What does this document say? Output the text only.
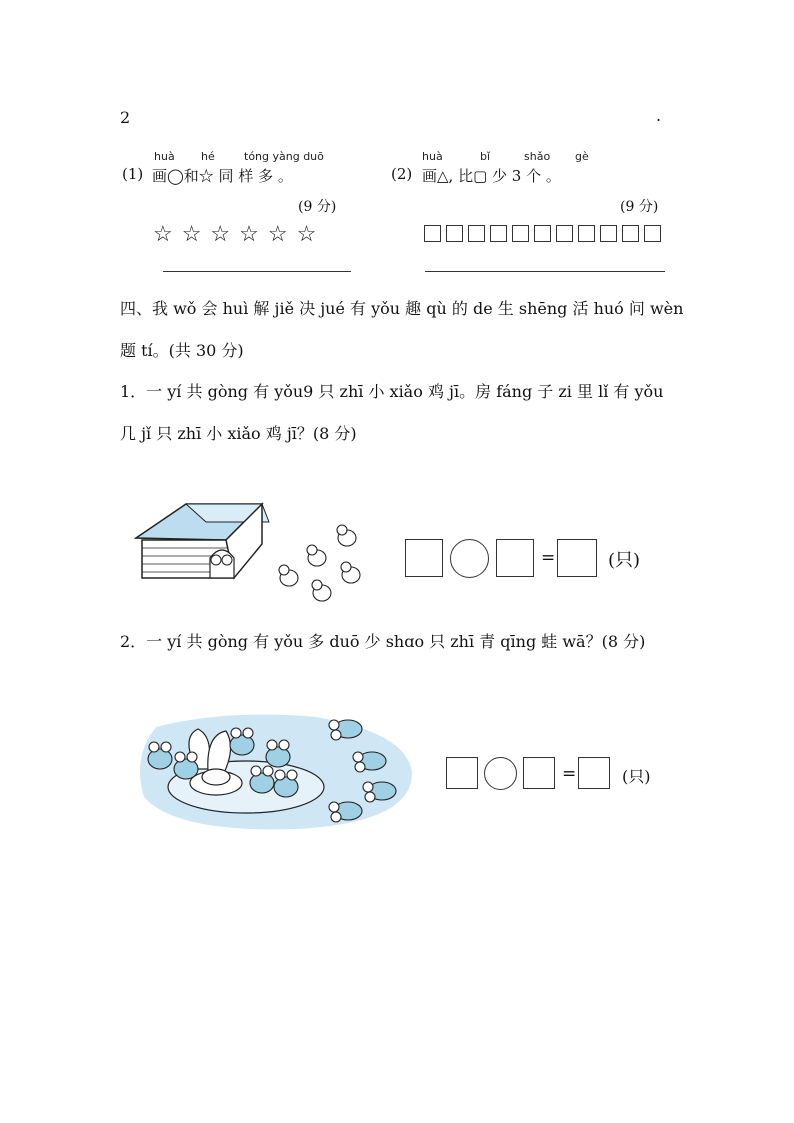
2	.
huà hé	tóng yàng duō
(1) 画◯和☆ 同 样 多 。
(9 分)
☆ ☆ ☆ ☆ ☆ ☆
huà	bǐ	shǎo gè
(2) 画△, 比▢ 少 3 个 。
(9 分)
四、我 wǒ 会 huì 解 jiě 决 jué 有 yǒu 趣 qù 的 de 生 shēng 活 huó 问 wèn
题 tí。(共 30 分)
1．一 yí 共 gòng 有 yǒu9 只 zhī 小 xiǎo 鸡 jī。房 fáng 子 zi 里 lǐ 有 yǒu
几 jǐ 只 zhī 小 xiǎo 鸡 jī？(8 分)
=	(只)
2．一 yí 共 gòng 有 yǒu 多 duō 少 shɑo 只 zhī 青 qīng 蛙 wā？(8 分)
=	(只)
